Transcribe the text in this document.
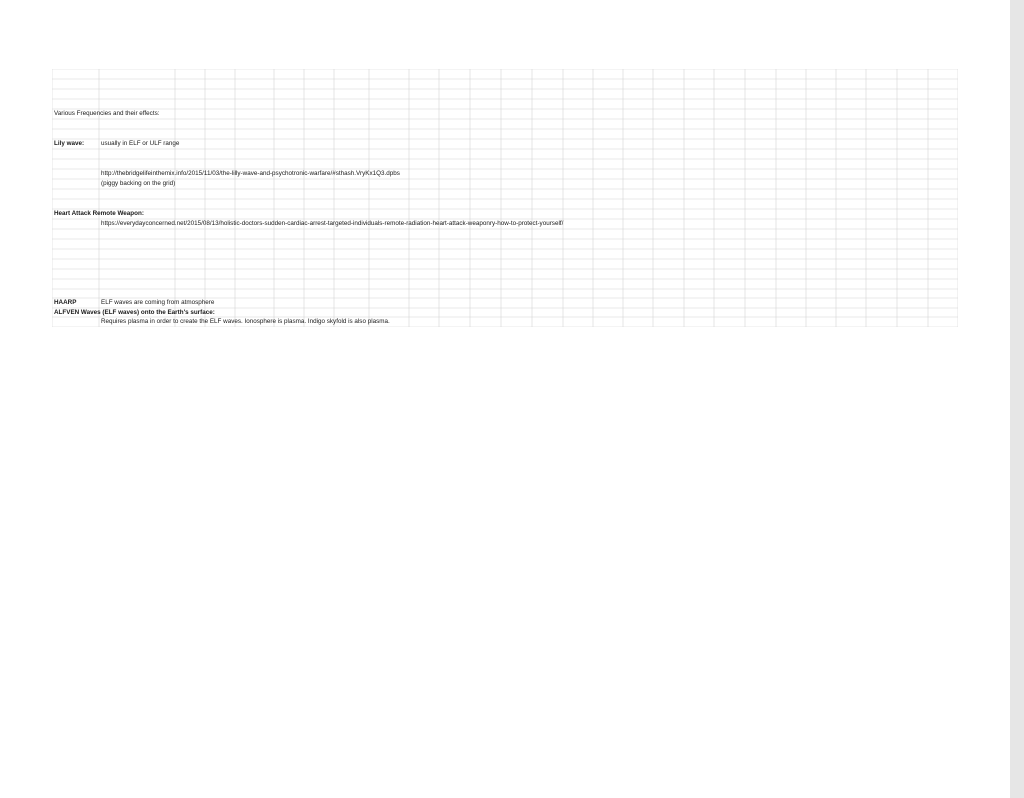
Various Frequencies and their effects:
Lily wave:	usually in ELF or ULF range
http://thebridgelifeinthemix.info/2015/11/03/the-lilly-wave-and-psychotronic-warfare/#sthash.VryKx1Q3.dpbs
(piggy backing on the grid)
Heart Attack Remote Weapon:
https://everydayconcerned.net/2015/08/13/holistic-doctors-sudden-cardiac-arrest-targeted-individuals-remote-radiation-heart-attack-weaponry-how-to-protect-yourself/
HAARP	ELF waves are coming from atmosphere
ALFVEN Waves (ELF waves) onto the Earth's surface:
Requires plasma in order to create the ELF waves. Ionosphere is plasma. Indigo skyfold is also plasma.
